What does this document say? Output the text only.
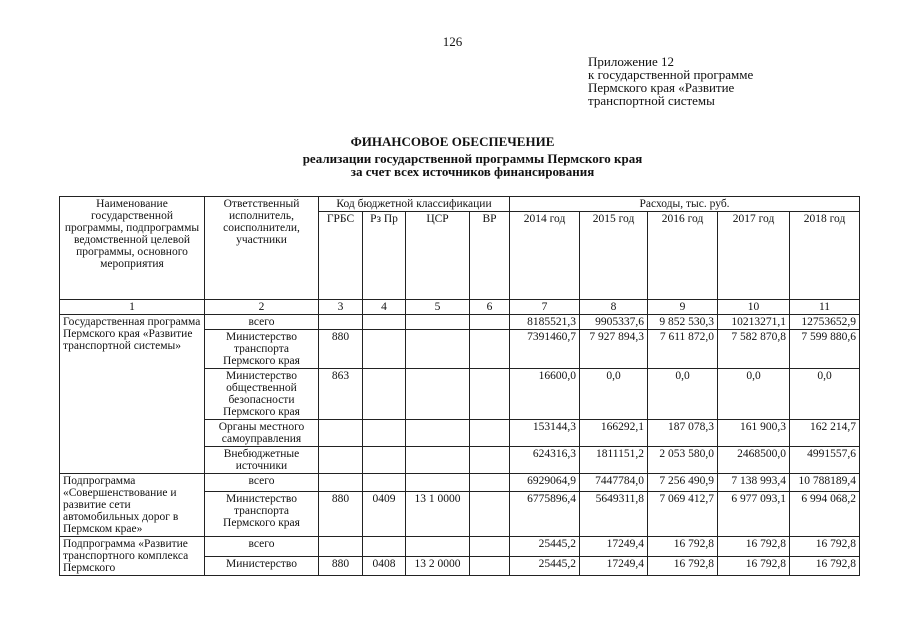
126
Приложение 12
к государственной программе
Пермского края «Развитие
транспортной системы
ФИНАНСОВОЕ ОБЕСПЕЧЕНИЕ
реализации государственной программы Пермского края
за счет всех источников финансирования
Наименование государственной программы, подпрограммы ведомственной целевой программы, основного мероприятия	Ответственный исполнитель, соисполнители, участники	Код бюджетной классификации				Расходы, тыс. руб.				
		ГРБС	Рз Пр	ЦСР	ВР	2014 год	2015 год	2016 год	2017 год	2018 год
1	2	3	4	5	6	7	8	9	10	11
Государственная программа Пермского края «Развитие транспортной системы»	всего					8185521,3	9905337,6	9 852 530,3	10213271,1	12753652,9
	Министерство транспорта Пермского края	880				7391460,7	7 927 894,3	7 611 872,0	7 582 870,8	7 599 880,6
	Министерство общественной безопасности Пермского края	863				16600,0	0,0	0,0	0,0	0,0
	Органы местного самоуправления					153144,3	166292,1	187 078,3	161 900,3	162 214,7
	Внебюджетные источники					624316,3	1811151,2	2 053 580,0	2468500,0	4991557,6
Подпрограмма «Совершенствование и развитие сети автомобильных дорог в Пермском крае»	всего					6929064,9	7447784,0	7 256 490,9	7 138 993,4	10 788189,4
	Министерство транспорта Пермского края	880	0409	13 1 0000		6775896,4	5649311,8	7 069 412,7	6 977 093,1	6 994 068,2
Подпрограмма «Развитие транспортного комплекса Пермского	всего					25445,2	17249,4	16 792,8	16 792,8	16 792,8
	Министерство	880	0408	13 2 0000		25445,2	17249,4	16 792,8	16 792,8	16 792,8
